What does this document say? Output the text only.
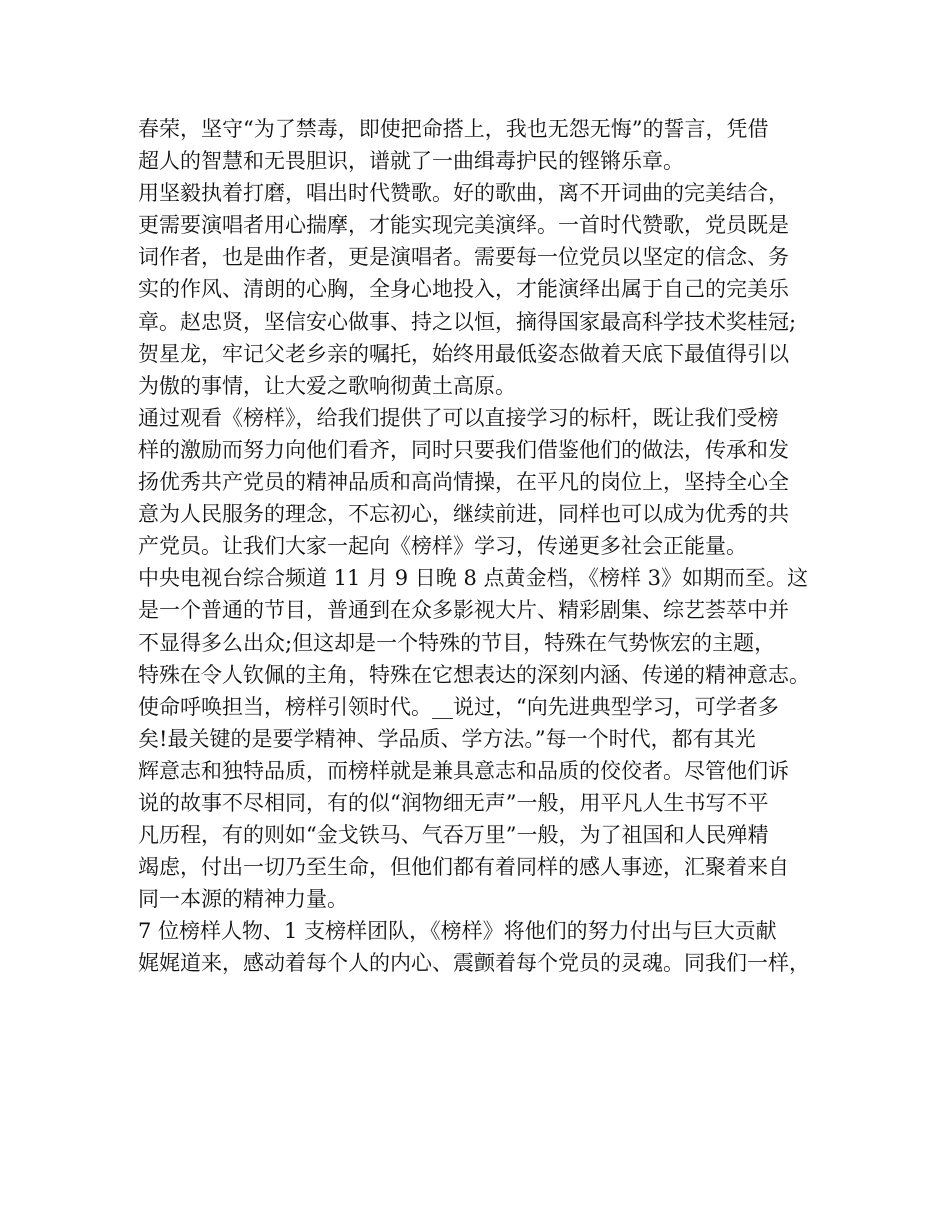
春荣，坚守“为了禁毒，即使把命搭上，我也无怨无悔”的誓言，凭借
超人的智慧和无畏胆识，谱就了一曲缉毒护民的铿锵乐章。
用坚毅执着打磨，唱出时代赞歌。好的歌曲，离不开词曲的完美结合，
更需要演唱者用心揣摩，才能实现完美演绎。一首时代赞歌，党员既是
词作者，也是曲作者，更是演唱者。需要每一位党员以坚定的信念、务
实的作风、清朗的心胸，全身心地投入，才能演绎出属于自己的完美乐
章。赵忠贤，坚信安心做事、持之以恒，摘得国家最高科学技术奖桂冠;
贺星龙，牢记父老乡亲的嘱托，始终用最低姿态做着天底下最值得引以
为傲的事情，让大爱之歌响彻黄土高原。
通过观看《榜样》，给我们提供了可以直接学习的标杆，既让我们受榜
样的激励而努力向他们看齐，同时只要我们借鉴他们的做法，传承和发
扬优秀共产党员的精神品质和高尚情操，在平凡的岗位上，坚持全心全
意为人民服务的理念，不忘初心，继续前进，同样也可以成为优秀的共
产党员。让我们大家一起向《榜样》学习，传递更多社会正能量。
中央电视台综合频道 11 月 9 日晚 8 点黄金档，《榜样 3》如期而至。这
是一个普通的节目，普通到在众多影视大片、精彩剧集、综艺荟萃中并
不显得多么出众;但这却是一个特殊的节目，特殊在气势恢宏的主题，
特殊在令人钦佩的主角，特殊在它想表达的深刻内涵、传递的精神意志。
使命呼唤担当，榜样引领时代。__说过，“向先进典型学习，可学者多
矣!最关键的是要学精神、学品质、学方法。”每一个时代，都有其光
辉意志和独特品质，而榜样就是兼具意志和品质的佼佼者。尽管他们诉
说的故事不尽相同，有的似“润物细无声”一般，用平凡人生书写不平
凡历程，有的则如“金戈铁马、气吞万里”一般，为了祖国和人民殚精
竭虑，付出一切乃至生命，但他们都有着同样的感人事迹，汇聚着来自
同一本源的精神力量。
7 位榜样人物、1 支榜样团队，《榜样》将他们的努力付出与巨大贡献
娓娓道来，感动着每个人的内心、震颤着每个党员的灵魂。同我们一样，
